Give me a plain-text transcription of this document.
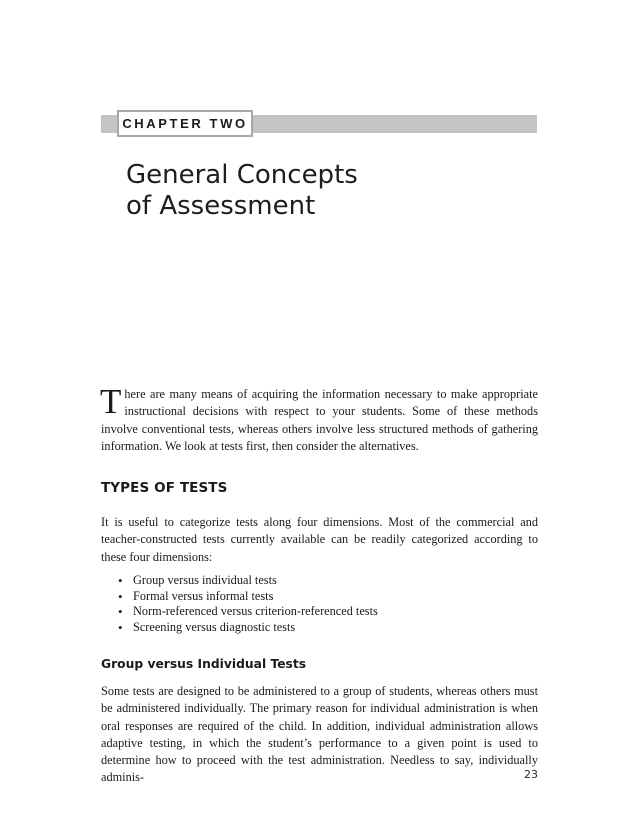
CHAPTER TWO
General Concepts
of Assessment

There are many means of acquiring the information necessary to make appropriate instructional decisions with respect to your students. Some of these methods involve conventional tests, whereas others involve less structured methods of gathering information. We look at tests first, then consider the alternatives.

TYPES OF TESTS

It is useful to categorize tests along four dimensions. Most of the commercial and teacher-constructed tests currently available can be readily categorized according to these four dimensions:

• Group versus individual tests
• Formal versus informal tests
• Norm-referenced versus criterion-referenced tests
• Screening versus diagnostic tests
Group versus Individual Tests

Some tests are designed to be administered to a group of students, whereas others must be administered individually. The primary reason for individual administration is when oral responses are required of the child. In addition, individual administration allows adaptive testing, in which the student’s performance to a given point is used to determine how to proceed with the test administration. Needless to say, individually adminis-	23
